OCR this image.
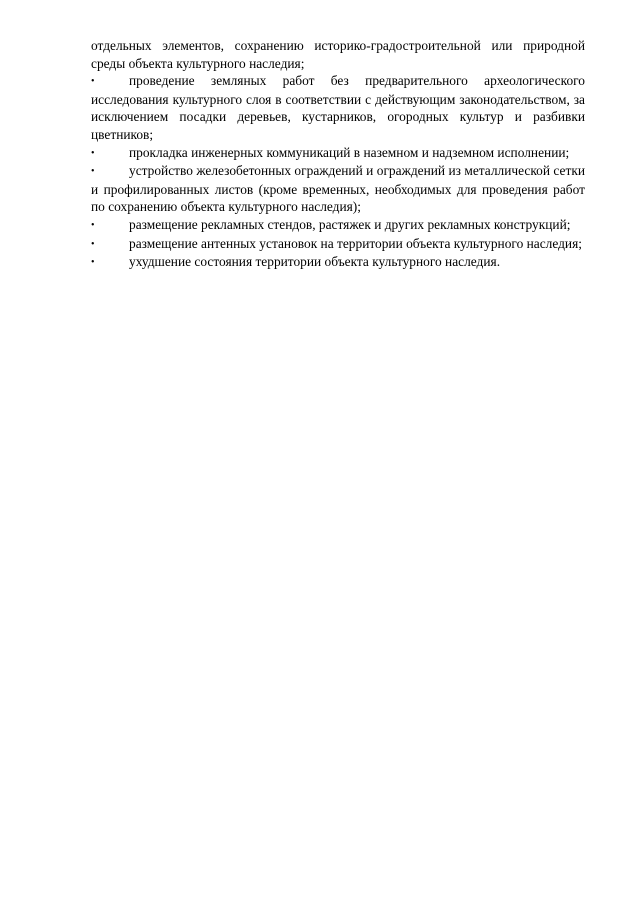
отдельных элементов, сохранению историко-градостроительной или природной среды объекта культурного наследия;

•	проведение земляных работ без предварительного археологического исследования культурного слоя в соответствии с действующим законодательством, за исключением посадки деревьев, кустарников, огородных культур и разбивки цветников;

•	прокладка инженерных коммуникаций в наземном и надземном исполнении;

•	устройство железобетонных ограждений и ограждений из металлической сетки и профилированных листов (кроме временных, необходимых для проведения работ по сохранению объекта культурного наследия);

•	размещение рекламных стендов, растяжек и других рекламных конструкций;

•	размещение антенных установок на территории объекта культурного наследия;

•	ухудшение состояния территории объекта культурного наследия.
